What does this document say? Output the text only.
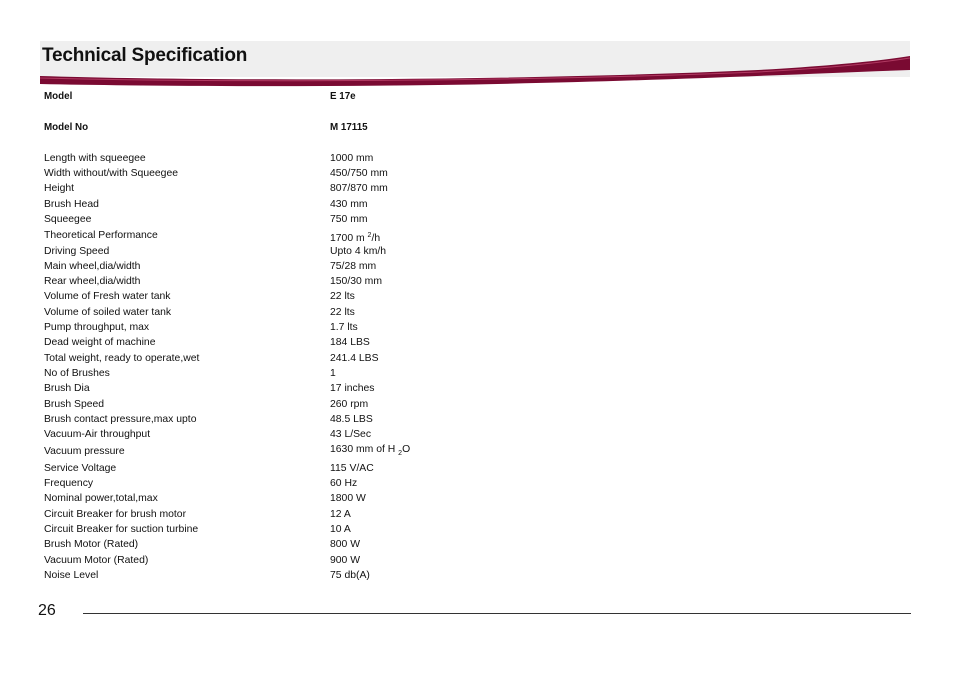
Technical Specification
Model	E 17e
Model No	M 17115
Length with squeegee	1000 mm
Width without/with Squeegee	450/750 mm
Height	807/870 mm
Brush Head	430 mm
Squeegee	750 mm
Theoretical Performance	1700 m $^2$/h
Driving Speed	Upto 4 km/h
Main wheel,dia/width	75/28 mm
Rear wheel,dia/width	150/30 mm
Volume of Fresh water tank	22 lts
Volume of soiled water tank	22 lts
Pump throughput, max	1.7 lts
Dead weight of machine	184 LBS
Total weight, ready to operate,wet	241.4 LBS
No of Brushes	1
Brush Dia	17 inches
Brush Speed	260 rpm
Brush contact pressure,max upto	48.5 LBS
Vacuum-Air throughput	43 L/Sec
Vacuum pressure	1630 mm of H $_2$O
Service Voltage	115 V/AC
Frequency	60 Hz
Nominal power,total,max	1800 W
Circuit Breaker for brush motor	12 A
Circuit Breaker for suction turbine	10 A
Brush Motor (Rated)	800 W
Vacuum Motor (Rated)	900 W
Noise Level	75 db(A)
26
